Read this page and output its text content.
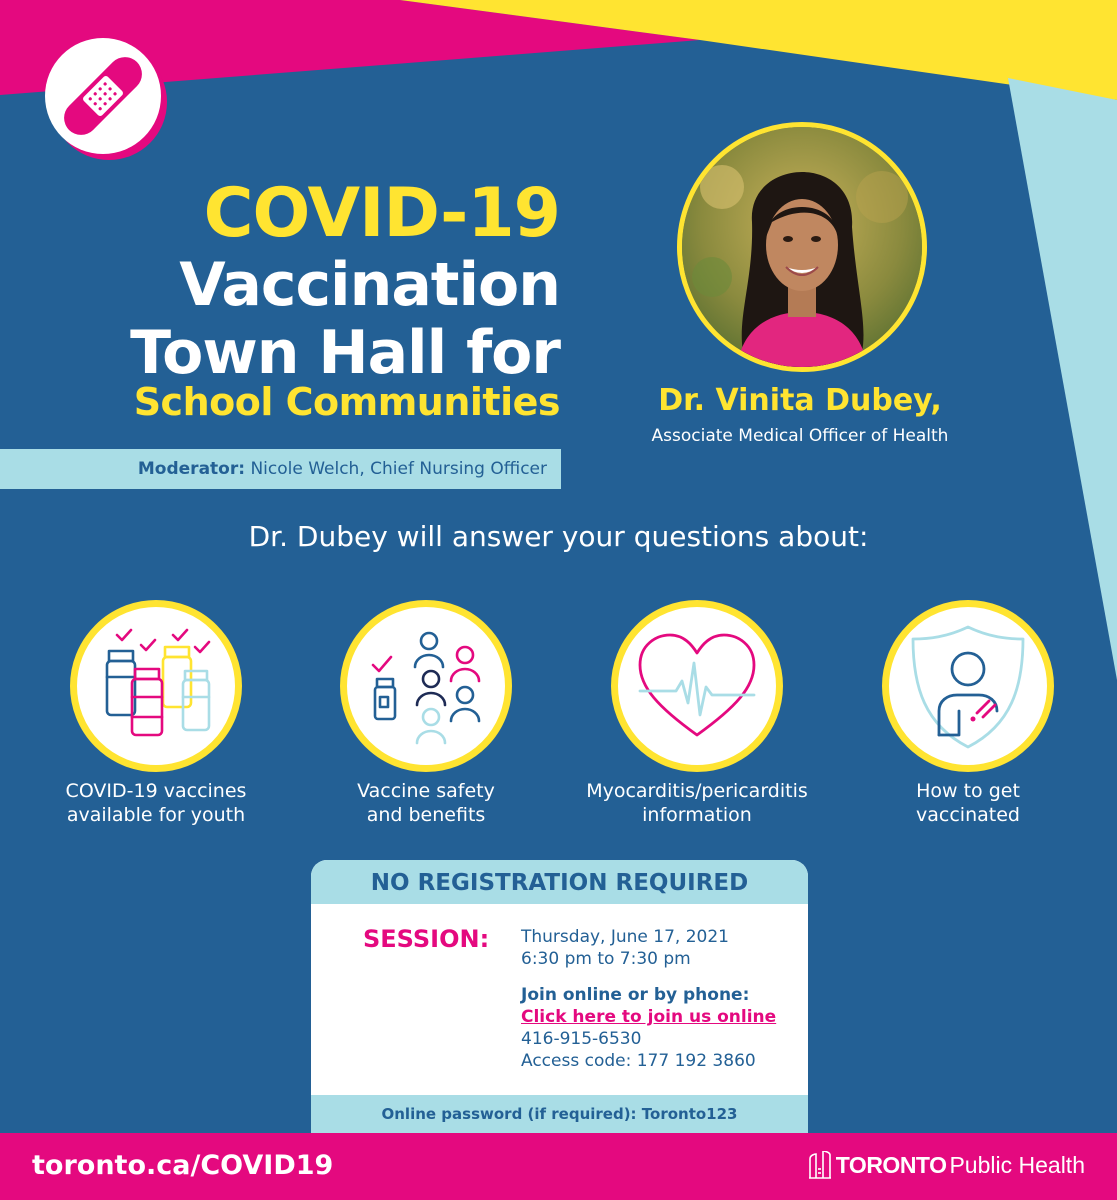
COVID-19
Vaccination
Town Hall for
School Communities
Moderator: Nicole Welch, Chief Nursing Officer
Dr. Vinita Dubey,
Associate Medical Officer of Health
Dr. Dubey will answer your questions about:
COVID-19 vaccines
available for youth
Vaccine safety
and benefits
Myocarditis/pericarditis
information
How to get
vaccinated
NO REGISTRATION REQUIRED
SESSION: Thursday, June 17, 2021
6:30 pm to 7:30 pm
Join online or by phone:
Click here to join us online
416-915-6530
Access code: 177 192 3860
Online password (if required): Toronto123
toronto.ca/COVID19	TORONTO Public Health
